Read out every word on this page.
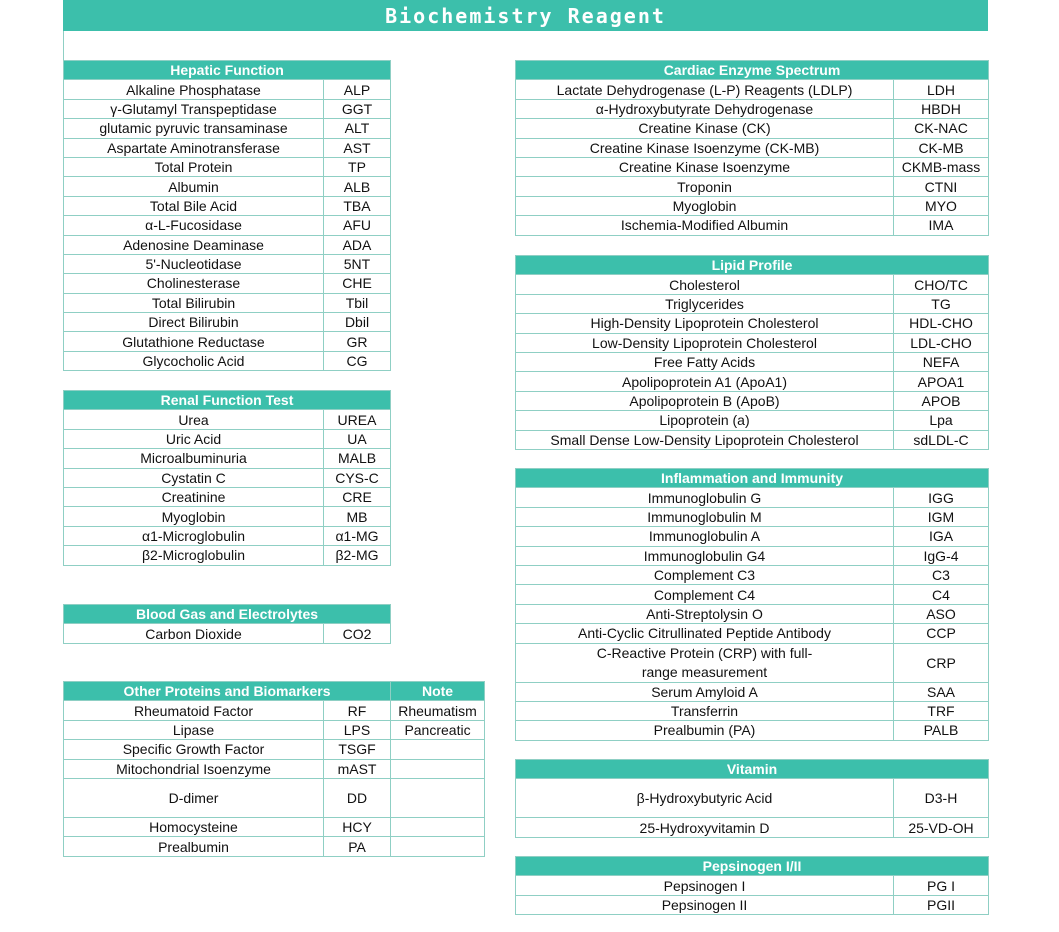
Biochemistry Reagent
Hepatic Function	
Alkaline Phosphatase	ALP
γ-Glutamyl Transpeptidase	GGT
glutamic pyruvic transaminase	ALT
Aspartate Aminotransferase	AST
Total Protein	TP
Albumin	ALB
Total Bile Acid	TBA
α-L-Fucosidase	AFU
Adenosine Deaminase	ADA
5'-Nucleotidase	5NT
Cholinesterase	CHE
Total Bilirubin	Tbil
Direct Bilirubin	Dbil
Glutathione Reductase	GR
Glycocholic Acid	CG
Renal Function Test	
Urea	UREA
Uric Acid	UA
Microalbuminuria	MALB
Cystatin C	CYS-C
Creatinine	CRE
Myoglobin	MB
α1-Microglobulin	α1-MG
β2-Microglobulin	β2-MG
Blood Gas and Electrolytes
Carbon Dioxide	CO2
Other Proteins and Biomarkers		Note
Rheumatoid Factor	RF	Rheumatism
Lipase	LPS	Pancreatic
Specific Growth Factor	TSGF	
Mitochondrial Isoenzyme	mAST	
D-dimer	DD	
Homocysteine	HCY	
Prealbumin	PA	
Cardiac Enzyme Spectrum	
Lactate Dehydrogenase (L-P) Reagents (LDLP)	LDH
α-Hydroxybutyrate Dehydrogenase	HBDH
Creatine Kinase (CK)	CK-NAC
Creatine Kinase Isoenzyme (CK-MB)	CK-MB
Creatine Kinase Isoenzyme	CKMB-mass
Troponin	CTNI
Myoglobin	MYO
Ischemia-Modified Albumin	IMA
Lipid Profile	
Cholesterol	CHO/TC
Triglycerides	TG
High-Density Lipoprotein Cholesterol	HDL-CHO
Low-Density Lipoprotein Cholesterol	LDL-CHO
Free Fatty Acids	NEFA
Apolipoprotein A1 (ApoA1)	APOA1
Apolipoprotein B (ApoB)	APOB
Lipoprotein (a)	Lpa
Small Dense Low-Density Lipoprotein Cholesterol	sdLDL-C
Inflammation and Immunity	
Immunoglobulin G	IGG
Immunoglobulin M	IGM
Immunoglobulin A	IGA
Immunoglobulin G4	IgG-4
Complement C3	C3
Complement C4	C4
Anti-Streptolysin O	ASO
Anti-Cyclic Citrullinated Peptide Antibody	CCP
C-Reactive Protein (CRP) with full-range measurement	CRP
Serum Amyloid A	SAA
Transferrin	TRF
Prealbumin (PA)	PALB
Vitamin	
β-Hydroxybutyric Acid	D3-H
25-Hydroxyvitamin D	25-VD-OH
Pepsinogen I/II	
Pepsinogen I	PG I
Pepsinogen II	PGII
